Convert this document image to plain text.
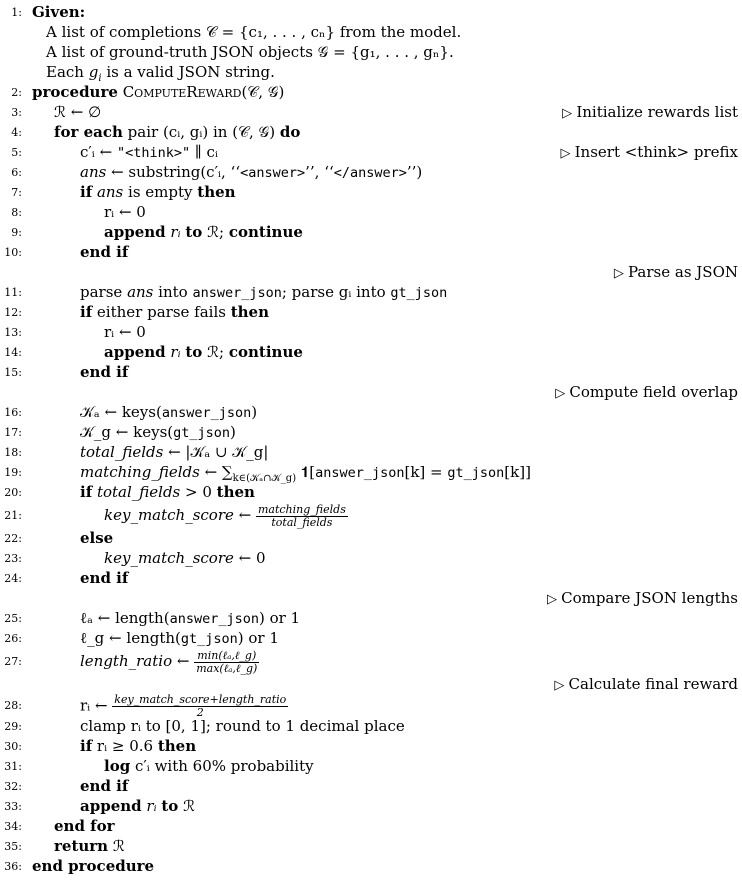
1: Given:
A list of completions 𝒞 = {c₁, . . . , cₙ} from the model.
A list of ground-truth JSON objects 𝒢 = {g₁, . . . , gₙ}.
Each $g_i$ is a valid JSON string.
2: procedure ComputeReward(𝒞, 𝒢)
3: ℛ ← ∅	▷ Initialize rewards list
4: for each pair (cᵢ, gᵢ) in (𝒞, 𝒢) do
5:	c′ᵢ ← "<think>" ∥ cᵢ	▷ Insert <think> prefix
6:	ans ← substring(c′ᵢ, ‘‘<answer>’’, ‘‘</answer>’’)
7:	if ans is empty then
8:	rᵢ ← 0
9:	append rᵢ to ℛ; continue
10:	end if
▷ Parse as JSON
11:	parse ans into answer_json; parse gᵢ into gt_json
12:	if either parse fails then
13:	rᵢ ← 0
14:	append rᵢ to ℛ; continue
15:	end if
▷ Compute field overlap
16:	𝒦ₐ ← keys(answer_json)
17:	𝒦_g ← keys(gt_json)
18:	total_fields ← |𝒦ₐ ∪ 𝒦_g|
19:	matching_fields ← $\sum_{k\in(𝒦_a\cap 𝒦\_g)}$ 𝟏[answer_json[k] = gt_json[k]]
20:	if total_fields > 0 then
21:	key_match_score ← $\frac{\text{matching\_fields}}{\text{total\_fields}}$
22:	else
23:	key_match_score ← 0
24:	end if
▷ Compare JSON lengths
25:	ℓₐ ← length(answer_json) or 1
26:	ℓ_g ← length(gt_json) or 1
27:	length_ratio ← $\frac{\text{min(ℓₐ,ℓ\_g)}}{\text{max(ℓₐ,ℓ\_g)}}$
▷ Calculate final reward
28:	rᵢ ← $\frac{\text{key\_match\_score+length\_ratio}}{2}$
29:	clamp rᵢ to [0, 1]; round to 1 decimal place
30:	if rᵢ ≥ 0.6 then
31:	log c′ᵢ with 60% probability
32:	end if
33:	append rᵢ to ℛ
34: end for
35: return ℛ
36: end procedure
